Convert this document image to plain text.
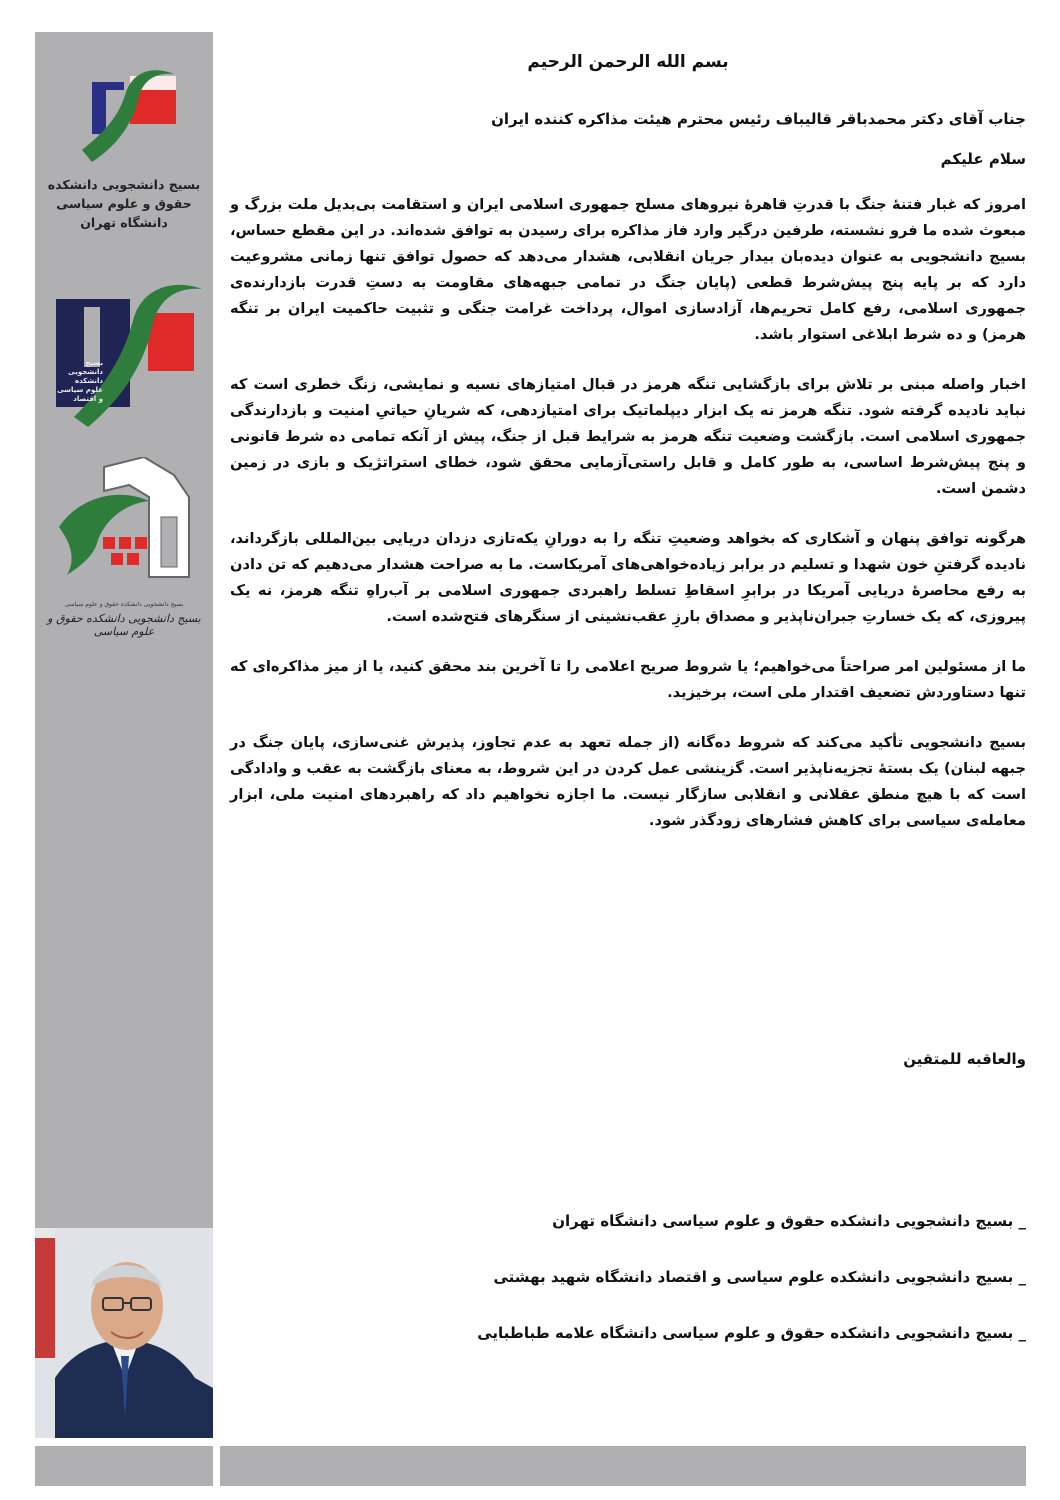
بسیج دانشجویی دانشکده
حقوق و علوم سیاسی
دانشگاه تهران
بسیج
دانشجویی
دانشکده
علوم سیاسی
و اقتصاد
بسیج دانشجویی دانشکده حقوق و علوم سیاسی
بسیج دانشجویی دانشکده حقوق و علوم سیاسی
بسم الله الرحمن الرحیم
جناب آقای دکتر محمدباقر قالیباف رئیس محترم هیئت مذاکره کننده ایران
سلام علیکم

امروز که غبار فتنهٔ جنگ با قدرتِ قاهرهٔ نیروهای مسلح جمهوری اسلامی ایران و استقامت بی‌بدیل ملت بزرگ و مبعوث شده ما فرو نشسته، طرفین درگیر وارد فاز مذاکره برای رسیدن به توافق شده‌اند. در این مقطع حساس، بسیج دانشجویی به عنوان دیده‌بان بیدار جریان انقلابی، هشدار می‌دهد که حصول توافق تنها زمانی مشروعیت دارد که بر پایه پنج پیش‌شرط قطعی (پایان جنگ در تمامی جبهه‌های مقاومت به دستِ قدرت بازدارنده‌ی جمهوری اسلامی، رفع کامل تحریم‌ها، آزادسازی اموال، پرداخت غرامت جنگی و تثبیت حاکمیت ایران بر تنگه هرمز) و ده شرط ابلاغی استوار باشد.

اخبار واصله مبنی بر تلاش برای بازگشایی تنگه هرمز در قبال امتیازهای نسیه و نمایشی، زنگ خطری است که نباید نادیده گرفته شود. تنگه هرمز نه یک ابزار دیپلماتیک برای امتیازدهی، که شریانِ حیاتیِ امنیت و بازدارندگی جمهوری اسلامی است. بازگشت وضعیت تنگه هرمز به شرایط قبل از جنگ، پیش از آنکه تمامی ده شرط قانونی و پنج پیش‌شرط اساسی، به طور کامل و قابل راستی‌آزمایی محقق شود، خطای استراتژیک و بازی در زمین دشمن است.

هرگونه توافق پنهان و آشکاری که بخواهد وضعیتِ تنگه را به دورانِ یکه‌تازی دزدان دریایی بین‌المللی بازگرداند، نادیده گرفتنِ خون شهدا و تسلیم در برابر زیاده‌خواهی‌های آمریکاست. ما به صراحت هشدار می‌دهیم که تن دادن به رفع محاصرهٔ دریایی آمریکا در برابرِ اسقاطِ تسلط راهبردی جمهوری اسلامی بر آب‌راهِ تنگه هرمز، نه یک پیروزی، که یک خسارتِ جبران‌ناپذیر و مصداق بارزِ عقب‌نشینی از سنگرهای فتح‌شده است.

ما از مسئولین امر صراحتاً می‌خواهیم؛ یا شروط صریح اعلامی را تا آخرین بند محقق کنید، یا از میز مذاکره‌ای که تنها دستاوردش تضعیف اقتدار ملی است، برخیزید.

بسیج دانشجویی تأکید می‌کند که شروط ده‌گانه (از جمله تعهد به عدم تجاوز، پذیرش غنی‌سازی، پایان جنگ در جبهه لبنان) یک بستهٔ تجزیه‌ناپذیر است. گزینشی عمل کردن در این شروط، به معنای بازگشت به عقب و وادادگی است که با هیچ منطق عقلانی و انقلابی سازگار نیست. ما اجازه نخواهیم داد که راهبردهای امنیت ملی، ابزار معامله‌ی سیاسی برای کاهش فشارهای زودگذر شود.

والعاقبه للمتقین
_ بسیج دانشجویی دانشکده حقوق و علوم سیاسی دانشگاه تهران
_ بسیج دانشجویی دانشکده علوم سیاسی و اقتصاد دانشگاه شهید بهشتی
_ بسیج دانشجویی دانشکده حقوق و علوم سیاسی دانشگاه علامه طباطبایی
